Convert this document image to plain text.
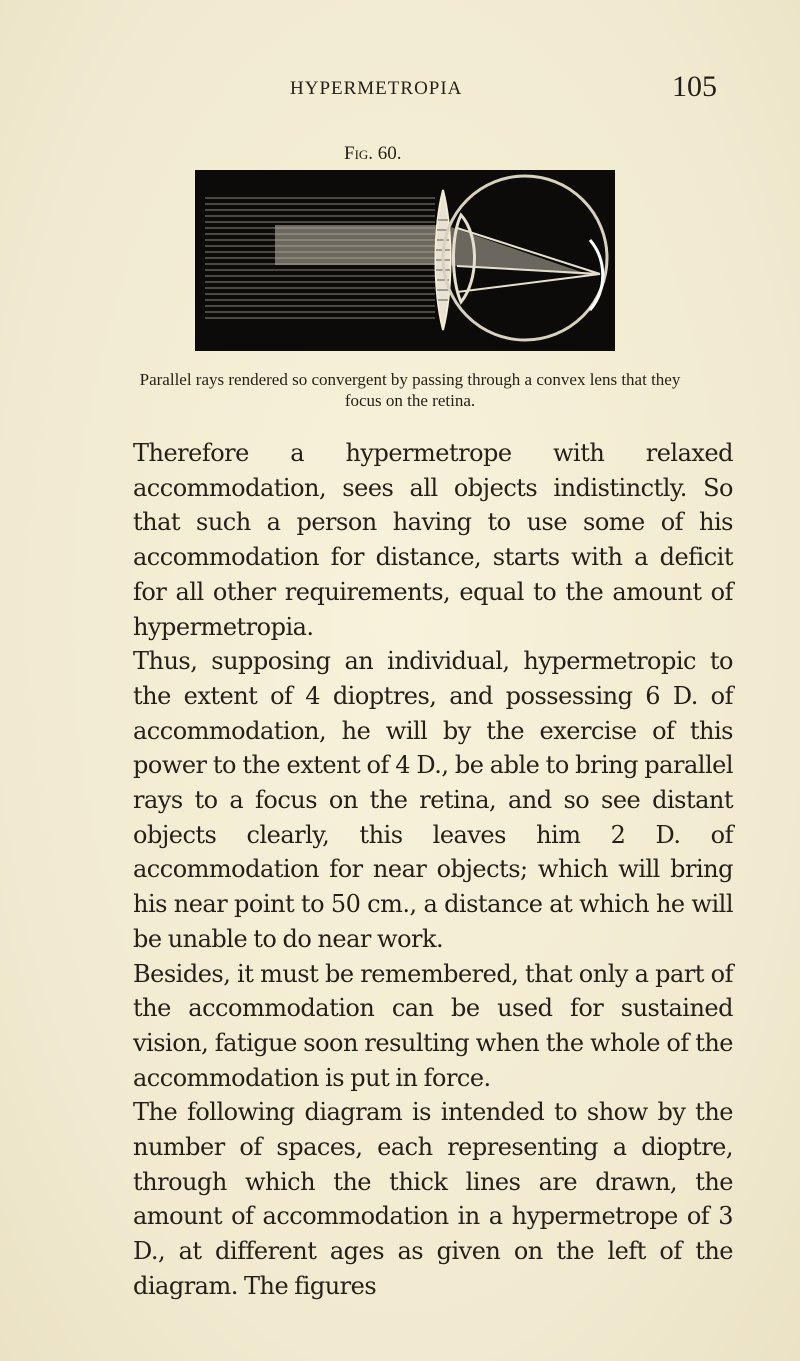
HYPERMETROPIA	105
Fig. 60.

Parallel rays rendered so convergent by passing through a convex lens that they focus on the retina.

Therefore a hypermetrope with relaxed accommodation, sees all objects indistinctly. So that such a person having to use some of his accommodation for distance, starts with a deficit for all other requirements, equal to the amount of hypermetropia.

Thus, supposing an individual, hypermetropic to the extent of 4 dioptres, and possessing 6 D. of accommodation, he will by the exercise of this power to the extent of 4 D., be able to bring parallel rays to a focus on the retina, and so see distant objects clearly, this leaves him 2 D. of accommodation for near objects; which will bring his near point to 50 cm., a distance at which he will be unable to do near work.

Besides, it must be remembered, that only a part of the accommodation can be used for sustained vision, fatigue soon resulting when the whole of the accommodation is put in force.

The following diagram is intended to show by the number of spaces, each representing a dioptre, through which the thick lines are drawn, the amount of accommodation in a hypermetrope of 3 D., at different ages as given on the left of the diagram. The figures
